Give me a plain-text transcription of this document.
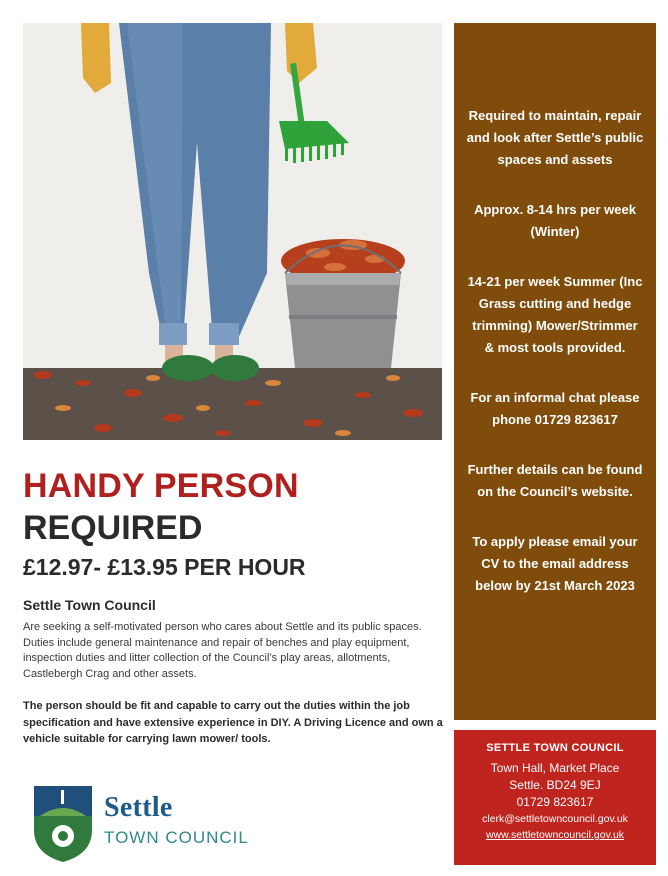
HANDY PERSON
REQUIRED
£12.97- £13.95 PER HOUR
Settle Town Council
Are seeking a self-motivated person who cares about Settle and its public spaces. Duties include general maintenance and repair of benches and play equipment, inspection duties and litter collection of the Council’s play areas, allotments, Castlebergh Crag and other assets.
The person should be fit and capable to carry out the duties within the job specification and have extensive experience in DIY. A Driving Licence and own a vehicle suitable for carrying lawn mower/ tools.
Settle
TOWN COUNCIL

Required to maintain, repair and look after Settle’s public spaces and assets

Approx. 8-14 hrs per week (Winter)

14-21 per week Summer (Inc Grass cutting and hedge trimming) Mower/Strimmer & most tools provided.

For an informal chat please phone 01729 823617

Further details can be found on the Council’s website.

To apply please email your CV to the email address below by 21st March 2023

SETTLE TOWN COUNCIL
Town Hall, Market Place
Settle. BD24 9EJ
01729 823617
clerk@settletowncouncil.gov.uk
www.settletowncouncil.gov.uk
